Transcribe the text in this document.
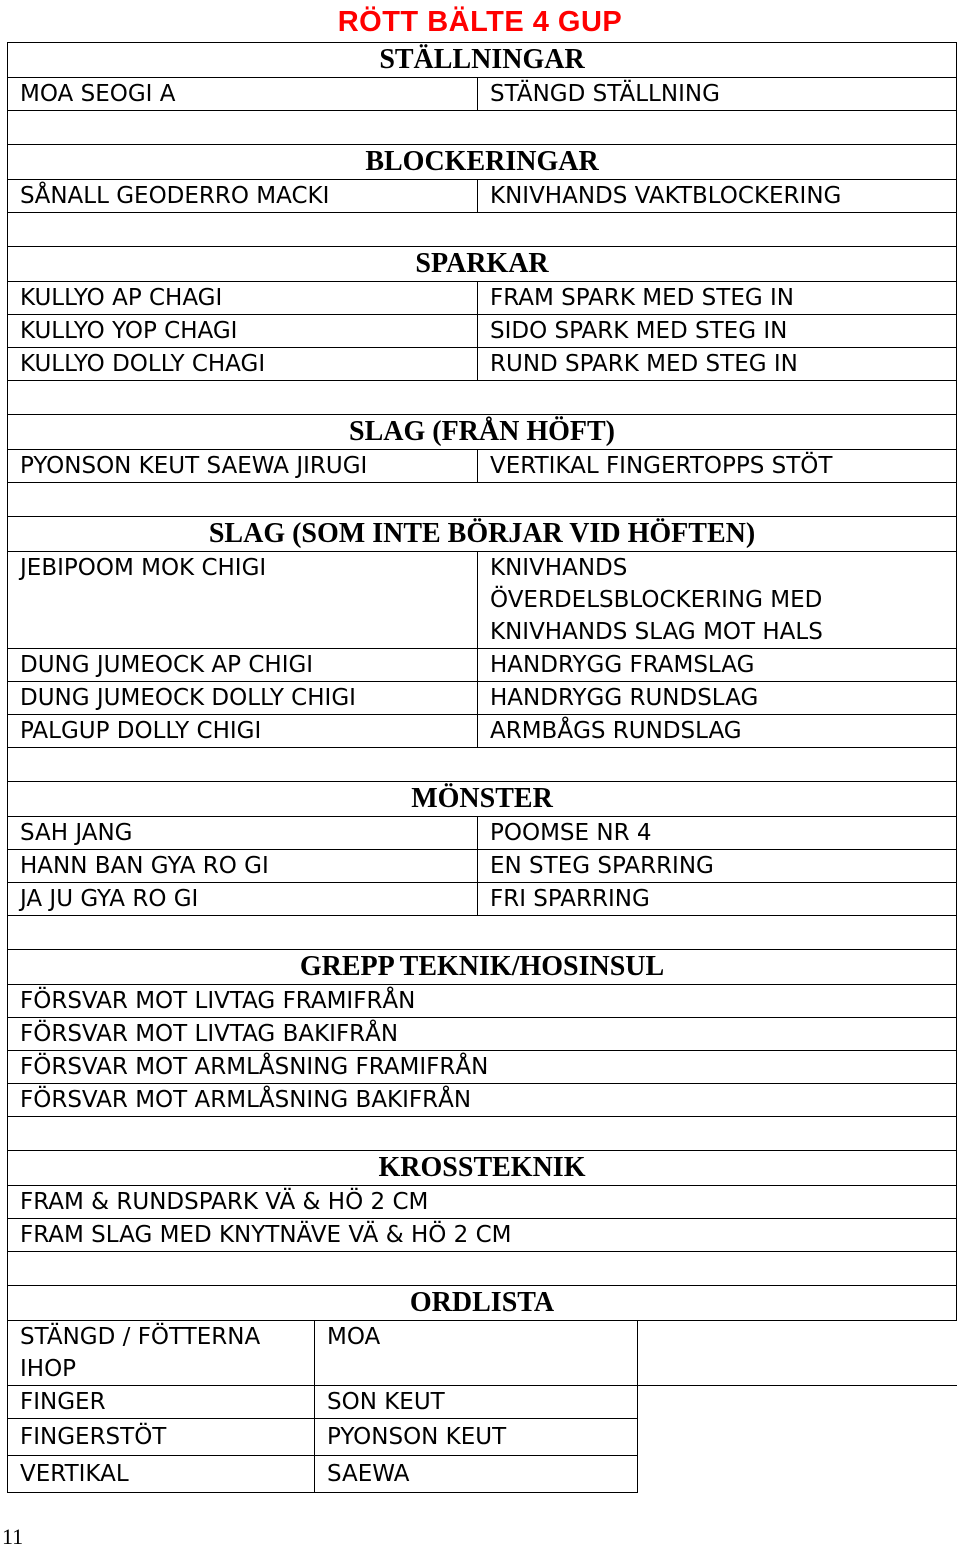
RÖTT BÄLTE 4 GUP
STÄLLNINGAR			
MOA SEOGI A		STÄNGD STÄLLNING	

BLOCKERINGAR			
SÅNALL GEODERRO MACKI		KNIVHANDS VAKTBLOCKERING	

SPARKAR			
KULLYO AP CHAGI		FRAM SPARK MED STEG IN	
KULLYO YOP CHAGI		SIDO SPARK MED STEG IN	
KULLYO DOLLY CHAGI		RUND SPARK MED STEG IN	

SLAG (FRÅN HÖFT)			
PYONSON KEUT SAEWA JIRUGI		VERTIKAL FINGERTOPPS STÖT	

SLAG (SOM INTE BÖRJAR VID HÖFTEN)			
JEBIPOOM MOK CHIGI		KNIVHANDS ÖVERDELSBLOCKERING MED KNIVHANDS SLAG MOT HALS	
DUNG JUMEOCK AP CHIGI		HANDRYGG FRAMSLAG	
DUNG JUMEOCK DOLLY CHIGI		HANDRYGG RUNDSLAG	
PALGUP DOLLY CHIGI		ARMBÅGS RUNDSLAG	

MÖNSTER			
SAH JANG		POOMSE NR 4	
HANN BAN GYA RO GI		EN STEG SPARRING	
JA JU GYA RO GI		FRI SPARRING	

GREPP TEKNIK/HOSINSUL			
FÖRSVAR MOT LIVTAG FRAMIFRÅN			
FÖRSVAR MOT LIVTAG BAKIFRÅN			
FÖRSVAR MOT ARMLÅSNING FRAMIFRÅN			
FÖRSVAR MOT ARMLÅSNING BAKIFRÅN			

KROSSTEKNIK			
FRAM & RUNDSPARK VÄ & HÖ 2 CM			
FRAM SLAG MED KNYTNÄVE VÄ & HÖ 2 CM			

ORDLISTA			
STÄNGD / FÖTTERNA IHOP	MOA		
FINGER	SON KEUT		
FINGERSTÖT	PYONSON KEUT		
VERTIKAL	SAEWA		
11
